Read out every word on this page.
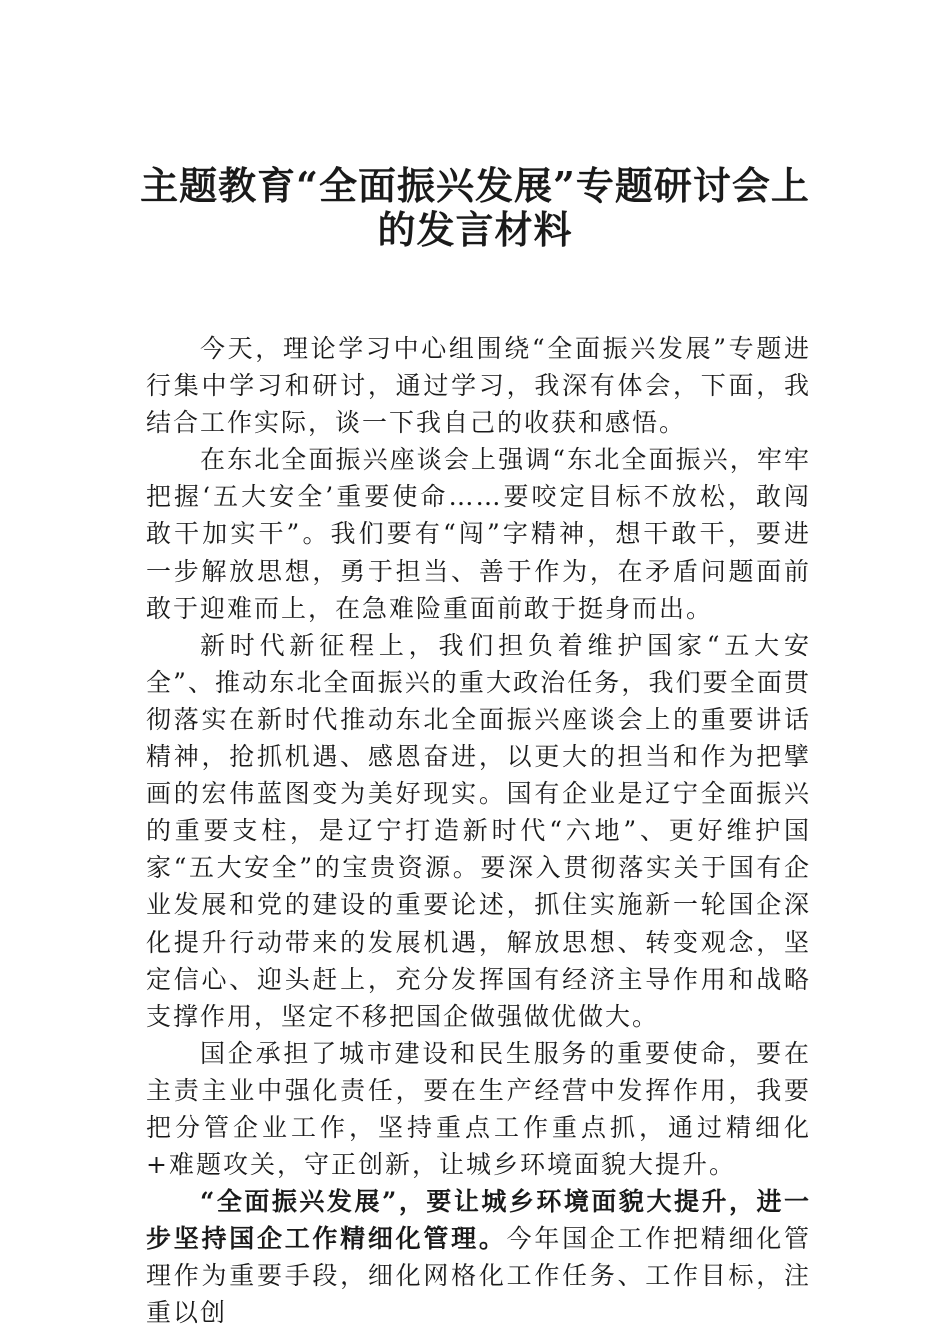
主题教育“全面振兴发展”专题研讨会上
的发言材料

今天，理论学习中心组围绕“全面振兴发展”专题进行集中学习和研讨，通过学习，我深有体会，下面，我结合工作实际，谈一下我自己的收获和感悟。

在东北全面振兴座谈会上强调“东北全面振兴，牢牢把握‘五大安全’重要使命……要咬定目标不放松，敢闯敢干加实干”。我们要有“闯”字精神，想干敢干，要进一步解放思想，勇于担当、善于作为，在矛盾问题面前敢于迎难而上，在急难险重面前敢于挺身而出。

新时代新征程上，我们担负着维护国家“五大安全”、推动东北全面振兴的重大政治任务，我们要全面贯彻落实在新时代推动东北全面振兴座谈会上的重要讲话精神，抢抓机遇、感恩奋进，以更大的担当和作为把擘画的宏伟蓝图变为美好现实。国有企业是辽宁全面振兴的重要支柱，是辽宁打造新时代“六地”、更好维护国家“五大安全”的宝贵资源。要深入贯彻落实关于国有企业发展和党的建设的重要论述，抓住实施新一轮国企深化提升行动带来的发展机遇，解放思想、转变观念，坚定信心、迎头赶上，充分发挥国有经济主导作用和战略支撑作用，坚定不移把国企做强做优做大。

国企承担了城市建设和民生服务的重要使命，要在主责主业中强化责任，要在生产经营中发挥作用，我要把分管企业工作，坚持重点工作重点抓，通过精细化+难题攻关，守正创新，让城乡环境面貌大提升。

“全面振兴发展”，要让城乡环境面貌大提升，进一步坚持国企工作精细化管理。今年国企工作把精细化管理作为重要手段，细化网格化工作任务、工作目标，注重以创
